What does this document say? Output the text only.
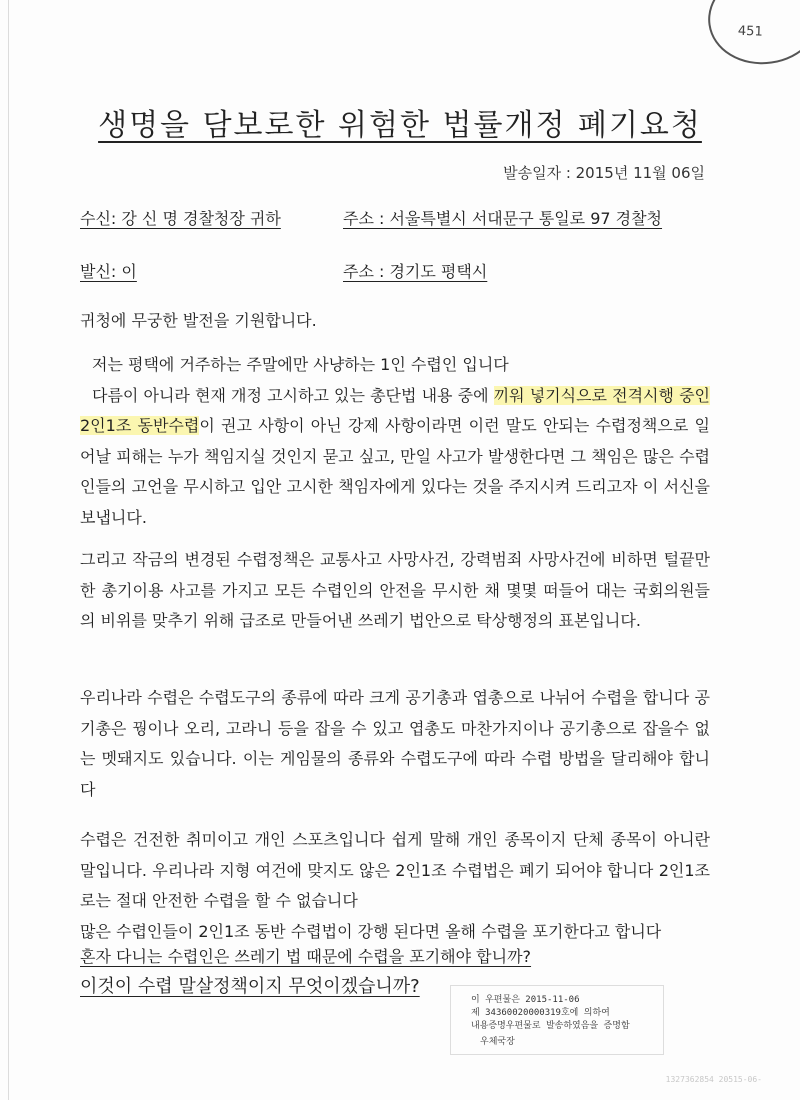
451
생명을 담보로한 위험한 법률개정 폐기요청
발송일자 : 2015년 11월 06일
수신: 강 신 명 경찰청장 귀하	주소 : 서울특별시 서대문구 통일로 97 경찰청
발신: 이	주소 : 경기도 평택시
귀청에 무궁한 발전을 기원합니다.
저는 평택에 거주하는 주말에만 사냥하는 1인 수렵인 입니다
다름이 아니라 현재 개정 고시하고 있는 총단법 내용 중에 끼워 넣기식으로 전격시행 중인 2인1조 동반수렵이 권고 사항이 아닌 강제 사항이라면 이런 말도 안되는 수렵정책으로 일어날 피해는 누가 책임지실 것인지 묻고 싶고, 만일 사고가 발생한다면 그 책임은 많은 수렵인들의 고언을 무시하고 입안 고시한 책임자에게 있다는 것을 주지시켜 드리고자 이 서신을 보냅니다.
그리고 작금의 변경된 수렵정책은 교통사고 사망사건, 강력범죄 사망사건에 비하면 털끝만한 총기이용 사고를 가지고 모든 수렵인의 안전을 무시한 채 몇몇 떠들어 대는 국회의원들의 비위를 맞추기 위해 급조로 만들어낸 쓰레기 법안으로 탁상행정의 표본입니다.
우리나라 수렵은 수렵도구의 종류에 따라 크게 공기총과 엽총으로 나뉘어 수렵을 합니다 공기총은 꿩이나 오리, 고라니 등을 잡을 수 있고 엽총도 마찬가지이나 공기총으로 잡을수 없는 멧돼지도 있습니다. 이는 게임물의 종류와 수렵도구에 따라 수렵 방법을 달리해야 합니다
수렵은 건전한 취미이고 개인 스포츠입니다 쉽게 말해 개인 종목이지 단체 종목이 아니란 말입니다. 우리나라 지형 여건에 맞지도 않은 2인1조 수렵법은 폐기 되어야 합니다 2인1조로는 절대 안전한 수렵을 할 수 없습니다
많은 수렵인들이 2인1조 동반 수렵법이 강행 된다면 올해 수렵을 포기한다고 합니다
혼자 다니는 수렵인은 쓰레기 법 때문에 수렵을 포기해야 합니까?
이것이 수렵 말살정책이지 무엇이겠습니까?
이 우편물은 2015-11-06
제 34360020000319호에 의하여
내용증명우편물로 발송하였음을 증명함
우체국장
1327362854 20515-06-
